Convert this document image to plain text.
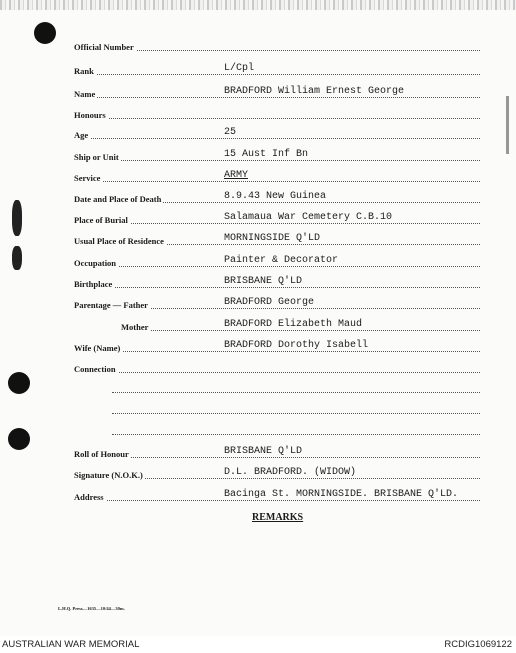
Official Number
Rank	L/Cpl
Name	BRADFORD William Ernest George
Honours
Age	25
Ship or Unit	15 Aust Inf Bn
Service	ARMY
Date and Place of Death	8.9.43 New Guinea
Place of Burial	Salamaua War Cemetery C.B.10
Usual Place of Residence	MORNINGSIDE Q'LD
Occupation	Painter & Decorator
Birthplace	BRISBANE Q'LD
Parentage — Father	BRADFORD George
Mother	BRADFORD Elizabeth Maud
Wife (Name)	BRADFORD Dorothy Isabell
Connection
Roll of Honour	BRISBANE Q'LD
Signature (N.O.K.)	D.L. BRADFORD. (WIDOW)
Address	Bacinga St. MORNINGSIDE. BRISBANE Q'LD.
REMARKS
L.H.Q. Press—1635—10/44—30m.
AUSTRALIAN WAR MEMORIAL	RCDIG1069122
